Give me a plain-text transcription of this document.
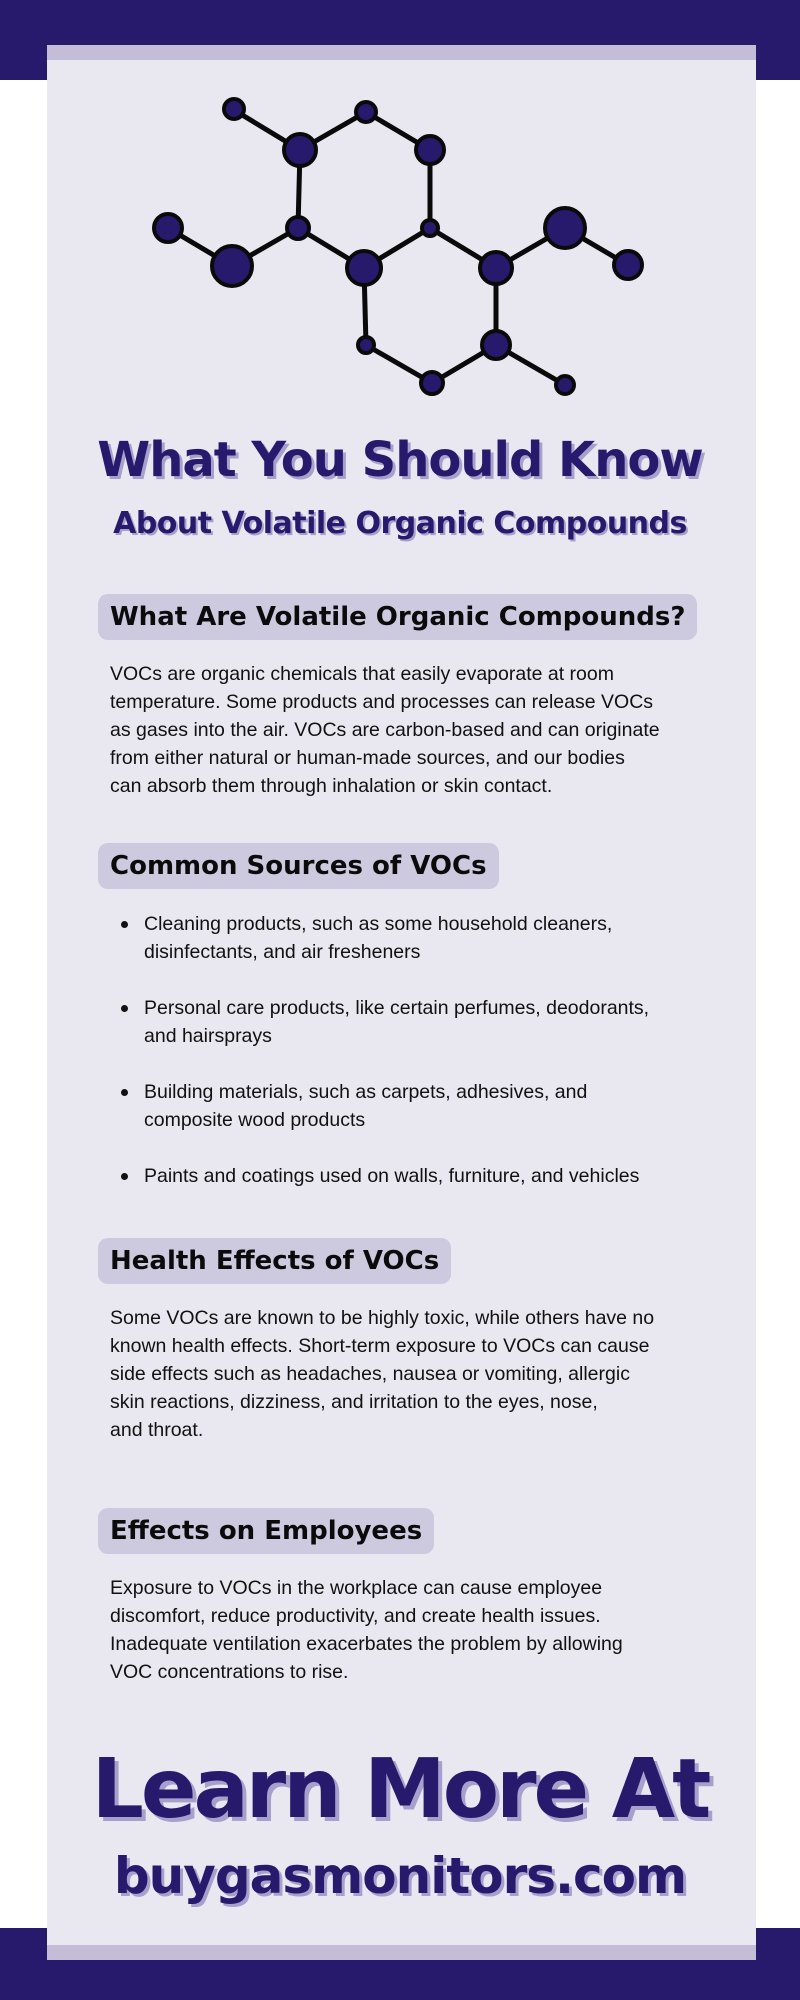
What You Should Know
About Volatile Organic Compounds
What Are Volatile Organic Compounds?
VOCs are organic chemicals that easily evaporate at room
temperature. Some products and processes can release VOCs
as gases into the air. VOCs are carbon-based and can originate
from either natural or human-made sources, and our bodies
can absorb them through inhalation or skin contact.
Common Sources of VOCs
Cleaning products, such as some household cleaners,
disinfectants, and air fresheners
Personal care products, like certain perfumes, deodorants,
and hairsprays
Building materials, such as carpets, adhesives, and
composite wood products
Paints and coatings used on walls, furniture, and vehicles
Health Effects of VOCs
Some VOCs are known to be highly toxic, while others have no
known health effects. Short-term exposure to VOCs can cause
side effects such as headaches, nausea or vomiting, allergic
skin reactions, dizziness, and irritation to the eyes, nose,
and throat.
Effects on Employees
Exposure to VOCs in the workplace can cause employee
discomfort, reduce productivity, and create health issues.
Inadequate ventilation exacerbates the problem by allowing
VOC concentrations to rise.
Learn More At
buygasmonitors.com
